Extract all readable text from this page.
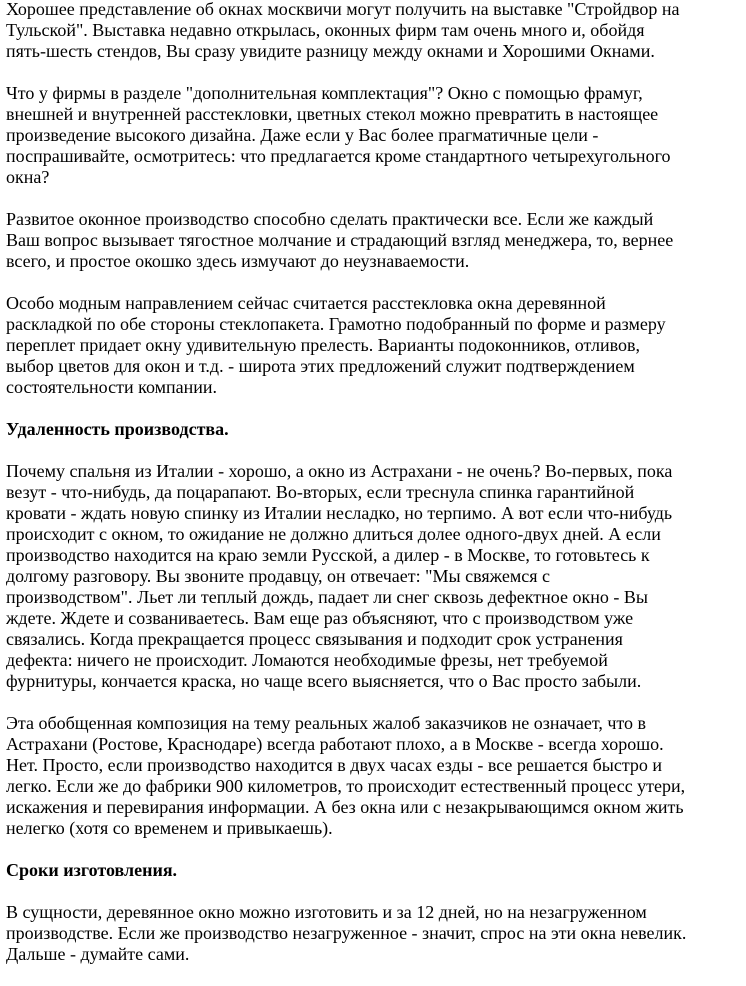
Хорошее представление об окнах москвичи могут получить на выставке "Стройдвор на
Тульской". Выставка недавно открылась, оконных фирм там очень много и, обойдя
пять-шесть стендов, Вы сразу увидите разницу между окнами и Хорошими Окнами.

Что у фирмы в разделе "дополнительная комплектация"? Окно с помощью фрамуг,
внешней и внутренней расстекловки, цветных стекол можно превратить в настоящее
произведение высокого дизайна. Даже если у Вас более прагматичные цели -
поспрашивайте, осмотритесь: что предлагается кроме стандартного четырехугольного
окна?

Развитое оконное производство способно сделать практически все. Если же каждый
Ваш вопрос вызывает тягостное молчание и страдающий взгляд менеджера, то, вернее
всего, и простое окошко здесь измучают до неузнаваемости.

Особо модным направлением сейчас считается расстекловка окна деревянной
раскладкой по обе стороны стеклопакета. Грамотно подобранный по форме и размеру
переплет придает окну удивительную прелесть. Варианты подоконников, отливов,
выбор цветов для окон и т.д. - широта этих предложений служит подтверждением
состоятельности компании.

Удаленность производства.

Почему спальня из Италии - хорошо, а окно из Астрахани - не очень? Во-первых, пока
везут - что-нибудь, да поцарапают. Во-вторых, если треснула спинка гарантийной
кровати - ждать новую спинку из Италии несладко, но терпимо. А вот если что-нибудь
происходит с окном, то ожидание не должно длиться долее одного-двух дней. А если
производство находится на краю земли Русской, а дилер - в Москве, то готовьтесь к
долгому разговору. Вы звоните продавцу, он отвечает: "Мы свяжемся с
производством". Льет ли теплый дождь, падает ли снег сквозь дефектное окно - Вы
ждете. Ждете и созваниваетесь. Вам еще раз объясняют, что с производством уже
связались. Когда прекращается процесс связывания и подходит срок устранения
дефекта: ничего не происходит. Ломаются необходимые фрезы, нет требуемой
фурнитуры, кончается краска, но чаще всего выясняется, что о Вас просто забыли.

Эта обобщенная композиция на тему реальных жалоб заказчиков не означает, что в
Астрахани (Ростове, Краснодаре) всегда работают плохо, а в Москве - всегда хорошо.
Нет. Просто, если производство находится в двух часах езды - все решается быстро и
легко. Если же до фабрики 900 километров, то происходит естественный процесс утери,
искажения и перевирания информации. А без окна или с незакрывающимся окном жить
нелегко (хотя со временем и привыкаешь).

Сроки изготовления.

В сущности, деревянное окно можно изготовить и за 12 дней, но на незагруженном
производстве. Если же производство незагруженное - значит, спрос на эти окна невелик.
Дальше - думайте сами.
